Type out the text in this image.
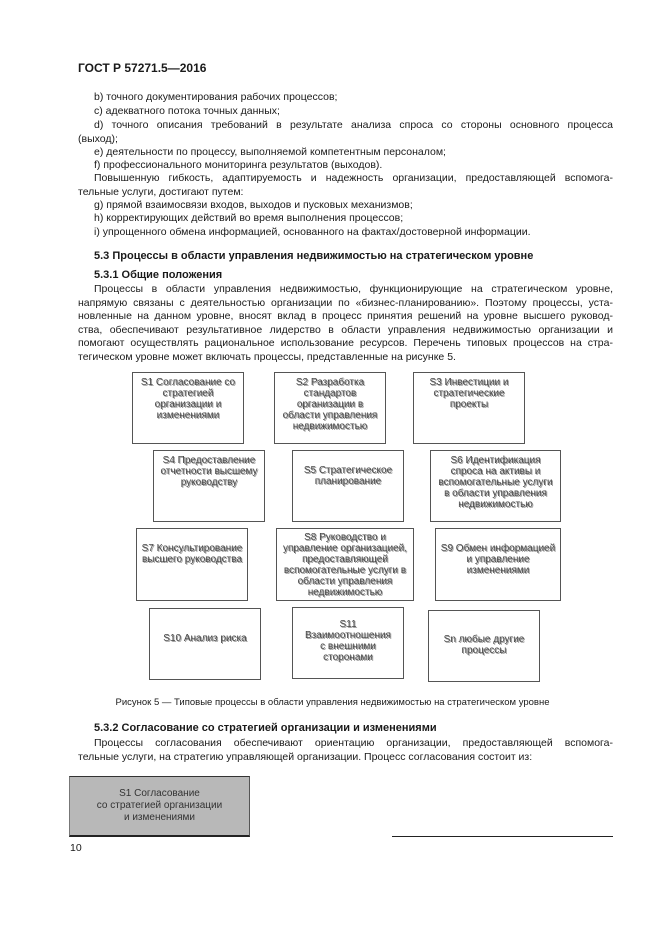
ГОСТ Р 57271.5—2016
b) точного документирования рабочих процессов;
c) адекватного потока точных данных;
d) точного описания требований в результате анализа спроса со стороны основного процесса
(выход);
e) деятельности по процессу, выполняемой компетентным персоналом;
f) профессионального мониторинга результатов (выходов).
Повышенную гибкость, адаптируемость и надежность организации, предоставляющей вспомога-
тельные услуги, достигают путем:
g) прямой взаимосвязи входов, выходов и пусковых механизмов;
h) корректирующих действий во время выполнения процессов;
i) упрощенного обмена информацией, основанного на фактах/достоверной информации.
5.3 Процессы в области управления недвижимостью на стратегическом уровне
5.3.1 Общие положения
Процессы в области управления недвижимостью, функционирующие на стратегическом уровне,
напрямую связаны с деятельностью организации по «бизнес-планированию». Поэтому процессы, уста-
новленные на данном уровне, вносят вклад в процесс принятия решений на уровне высшего руковод-
ства, обеспечивают результативное лидерство в области управления недвижимостью организации и
помогают осуществлять рациональное использование ресурсов. Перечень типовых процессов на стра-
тегическом уровне может включать процессы, представленные на рисунке 5.
S1 Согласование со
стратегией
организации и
изменениями
S2 Разработка
стандартов
организации в
области управления
недвижимостью
S3 Инвестиции и
стратегические
проекты
S4 Предоставление
отчетности высшему
руководству
S5 Стратегическое
планирование
S6 Идентификация
спроса на активы и
вспомогательные услуги
в области управления
недвижимостью
S7 Консультирование
высшего руководства
S8 Руководство и
управление организацией,
предоставляющей
вспомогательные услуги в
области управления
недвижимостью
S9 Обмен информацией
и управление
изменениями
S10 Анализ риска
S11
Взаимоотношения
с внешними
сторонами
Sn любые другие
процессы
Рисунок 5 — Типовые процессы в области управления недвижимостью на стратегическом уровне
5.3.2 Согласование со стратегией организации и изменениями
Процессы согласования обеспечивают ориентацию организации, предоставляющей вспомога-
тельные услуги, на стратегию управляющей организации. Процесс согласования состоит из:
S1 Согласование
со стратегией организации
и изменениями
10
